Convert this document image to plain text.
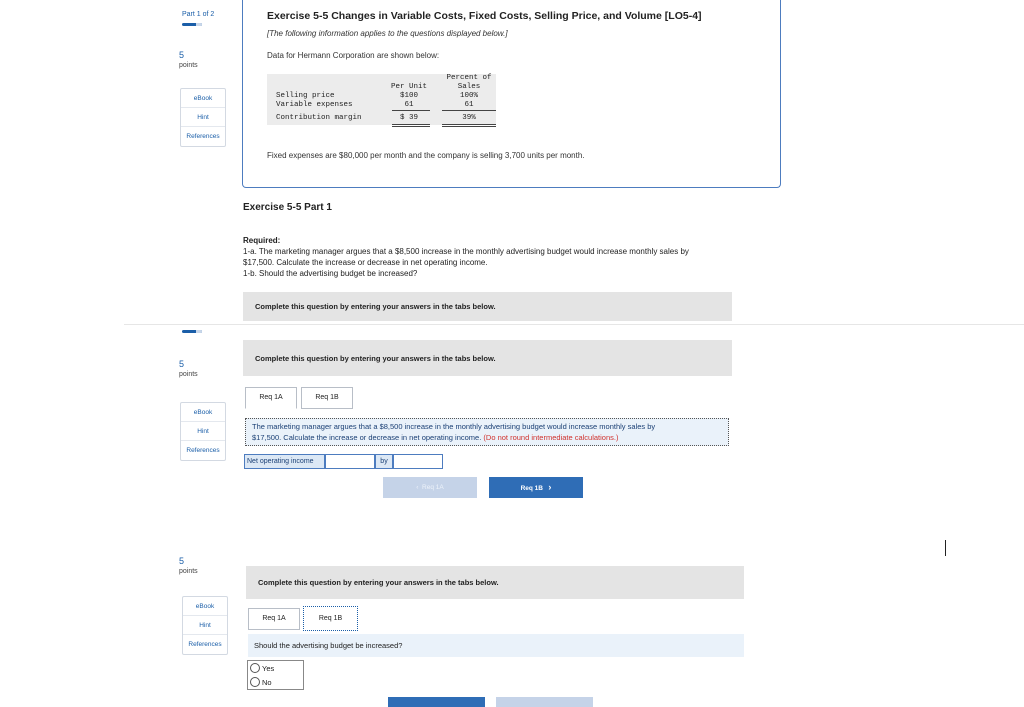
Part 1 of 2
5
points
eBook
Hint
References
Exercise 5-5 Changes in Variable Costs, Fixed Costs, Selling Price, and Volume [LO5-4]
[The following information applies to the questions displayed below.]
Data for Hermann Corporation are shown below:
Per Unit
Percent of
Sales
Selling price	$100	100%
Variable expenses	61	61
Contribution margin	$ 39	39%
Fixed expenses are $80,000 per month and the company is selling 3,700 units per month.
Exercise 5-5 Part 1
Required:
1-a. The marketing manager argues that a $8,500 increase in the monthly advertising budget would increase monthly sales by
$17,500. Calculate the increase or decrease in net operating income.
1-b. Should the advertising budget be increased?
Complete this question by entering your answers in the tabs below.
5
points
eBook
Hint
References
Complete this question by entering your answers in the tabs below.
Req 1A	Req 1B
The marketing manager argues that a $8,500 increase in the monthly advertising budget would increase monthly sales by
$17,500. Calculate the increase or decrease in net operating income. (Do not round intermediate calculations.)
Net operating income	by
‹ Req 1A	Req 1B ›
5
points
eBook
Hint
References
Complete this question by entering your answers in the tabs below.
Req 1A	Req 1B
Should the advertising budget be increased?
Yes
No
